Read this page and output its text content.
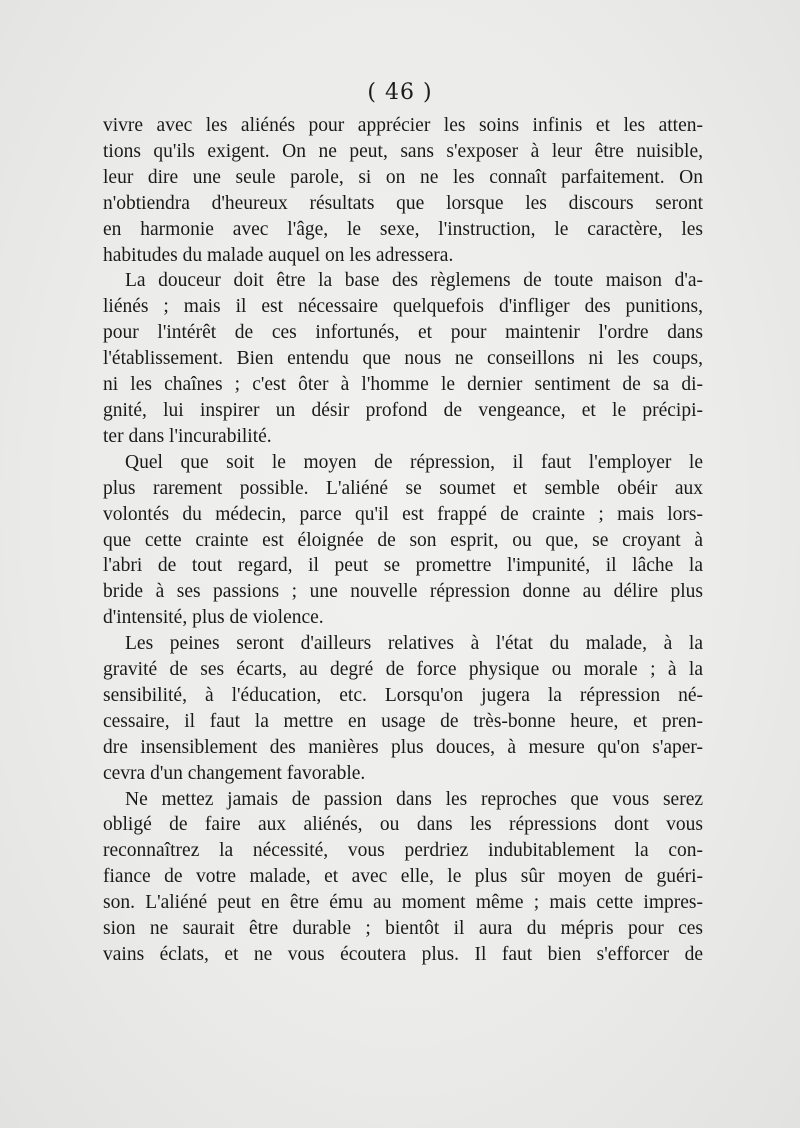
( 46 )
vivre avec les aliénés pour apprécier les soins infinis et les atten-
tions qu'ils exigent. On ne peut, sans s'exposer à leur être nuisible,
leur dire une seule parole, si on ne les connaît parfaitement. On
n'obtiendra d'heureux résultats que lorsque les discours seront
en harmonie avec l'âge, le sexe, l'instruction, le caractère, les
habitudes du malade auquel on les adressera.
La douceur doit être la base des règlemens de toute maison d'a-
liénés ; mais il est nécessaire quelquefois d'infliger des punitions,
pour l'intérêt de ces infortunés, et pour maintenir l'ordre dans
l'établissement. Bien entendu que nous ne conseillons ni les coups,
ni les chaînes ; c'est ôter à l'homme le dernier sentiment de sa di-
gnité, lui inspirer un désir profond de vengeance, et le précipi-
ter dans l'incurabilité.
Quel que soit le moyen de répression, il faut l'employer le
plus rarement possible. L'aliéné se soumet et semble obéir aux
volontés du médecin, parce qu'il est frappé de crainte ; mais lors-
que cette crainte est éloignée de son esprit, ou que, se croyant à
l'abri de tout regard, il peut se promettre l'impunité, il lâche la
bride à ses passions ; une nouvelle répression donne au délire plus
d'intensité, plus de violence.
Les peines seront d'ailleurs relatives à l'état du malade, à la
gravité de ses écarts, au degré de force physique ou morale ; à la
sensibilité, à l'éducation, etc. Lorsqu'on jugera la répression né-
cessaire, il faut la mettre en usage de très-bonne heure, et pren-
dre insensiblement des manières plus douces, à mesure qu'on s'aper-
cevra d'un changement favorable.
Ne mettez jamais de passion dans les reproches que vous serez
obligé de faire aux aliénés, ou dans les répressions dont vous
reconnaîtrez la nécessité, vous perdriez indubitablement la con-
fiance de votre malade, et avec elle, le plus sûr moyen de guéri-
son. L'aliéné peut en être ému au moment même ; mais cette impres-
sion ne saurait être durable ; bientôt il aura du mépris pour ces
vains éclats, et ne vous écoutera plus. Il faut bien s'efforcer de
